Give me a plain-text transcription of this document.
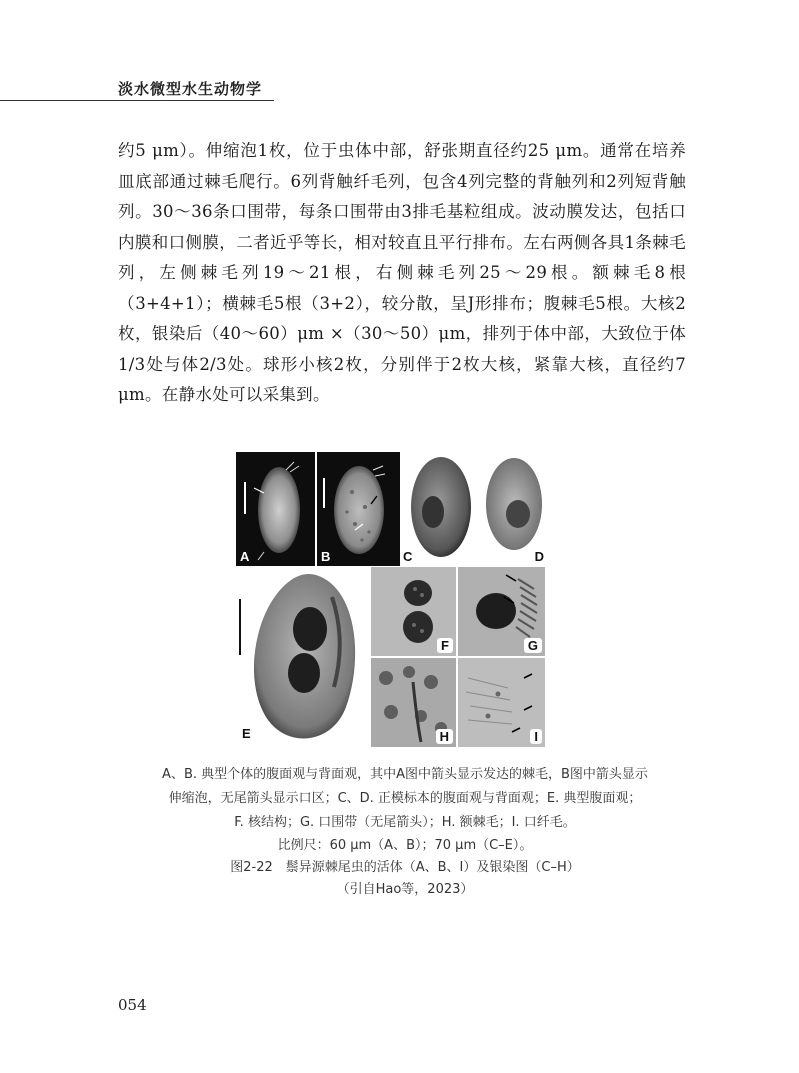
淡水微型水生动物学

约5 μm）。伸缩泡1枚，位于虫体中部，舒张期直径约25 μm。通常在培养皿底部通过棘毛爬行。6列背触纤毛列，包含4列完整的背触列和2列短背触列。30～36条口围带，每条口围带由3排毛基粒组成。波动膜发达，包括口内膜和口侧膜，二者近乎等长，相对较直且平行排布。左右两侧各具1条棘毛列，左侧棘毛列19～21根，右侧棘毛列25～29根。额棘毛8根（3+4+1）；横棘毛5根（3+2），较分散，呈J形排布；腹棘毛5根。大核2枚，银染后（40～60）μm ×（30～50）μm，排列于体中部，大致位于体1/3处与体2/3处。球形小核2枚，分别伴于2枚大核，紧靠大核，直径约7 μm。在静水处可以采集到。

A	B	C	D
E
F	G
H	I
A、B. 典型个体的腹面观与背面观，其中A图中箭头显示发达的棘毛，B图中箭头显示
伸缩泡，无尾箭头显示口区；C、D. 正模标本的腹面观与背面观；E. 典型腹面观；
F. 核结构；G. 口围带（无尾箭头）；H. 额棘毛；I. 口纤毛。
比例尺：60 μm（A、B）；70 μm（C–E）。
图2-22　鬃异源棘尾虫的活体（A、B、I）及银染图（C–H）
（引自Hao等，2023）
054
